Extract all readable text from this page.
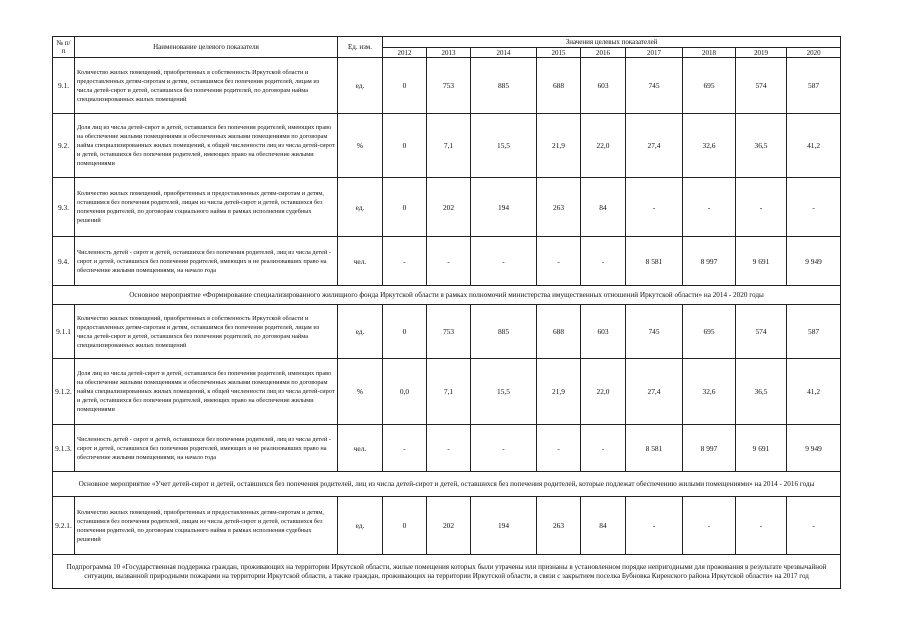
№ п/п	Наименование целевого показателя	Ед. изм.	Значения целевых показателей								
			2012	2013	2014	2015	2016	2017	2018	2019	2020
9.1.	Количество жилых помещений, приобретенных в собственность Иркутской области и предоставленных детям-сиротам и детям, оставшимся без попечения родителей, лицам из числа детей-сирот и детей, оставшихся без попечения родителей, по договорам найма специализированных жилых помещений	ед.	0	753	885	688	603	745	695	574	587
9.2.	Доля лиц из числа детей-сирот и детей, оставшихся без попечения родителей, имеющих право на обеспечение жилыми помещениями и обеспеченных жилыми помещениями по договорам найма специализированных жилых помещений, к общей численности лиц из числа детей-сирот и детей, оставшихся без попечения родителей, имеющих право на обеспечение жилыми помещениями	%	0	7,1	15,5	21,9	22,0	27,4	32,6	36,5	41,2
9.3.	Количество жилых помещений, приобретенных и предоставленных детям-сиротам и детям, оставшимся без попечения родителей, лицам из числа детей-сирот и детей, оставшихся без попечения родителей, по договорам социального найма в рамках исполнения судебных решений	ед.	0	202	194	263	84	-	-	-	-
9.4.	Численность детей - сирот и детей, оставшихся без попечения родителей, лиц из числа детей - сирот и детей, оставшихся без попечения родителей, имеющих и не реализовавших право на обеспечение жилыми помещениями, на начало года	чел.	-	-	-	-	-	8 581	8 997	9 691	9 949
Основное мероприятие «Формирование специализированного жилищного фонда Иркутской области в рамках полномочий министерства имущественных отношений Иркутской области» на 2014 - 2020 годы											
9.1.1	Количество жилых помещений, приобретенных в собственность Иркутской области и предоставленных детям-сиротам и детям, оставшимся без попечения родителей, лицам из числа детей-сирот и детей, оставшихся без попечения родителей, по договорам найма специализированных жилых помещений	ед.	0	753	885	688	603	745	695	574	587
9.1.2.	Доля лиц из числа детей-сирот и детей, оставшихся без попечения родителей, имеющих право на обеспечение жилыми помещениями и обеспеченных жилыми помещениями по договорам найма специализированных жилых помещений, к общей численности лиц из числа детей-сирот и детей, оставшихся без попечения родителей, имеющих право на обеспечение жилыми помещениями	%	0,0	7,1	15,5	21,9	22,0	27,4	32,6	36,5	41,2
9.1.3.	Численность детей - сирот и детей, оставшихся без попечения родителей, лиц из числа детей - сирот и детей, оставшихся без попечения родителей, имеющих и не реализовавших право на обеспечение жилыми помещениями, на начало года	чел.	-	-	-	-	-	8 581	8 997	9 691	9 949
Основное мероприятие «Учет детей-сирот и детей, оставшихся без попечения родителей, лиц из числа детей-сирот и детей, оставшихся без попечения родителей, которые подлежат обеспечению жилыми помещениями» на 2014 - 2016 годы											
9.2.1.	Количество жилых помещений, приобретенных и предоставленных детям-сиротам и детям, оставшимся без попечения родителей, лицам из числа детей-сирот и детей, оставшихся без попечения родителей, по договорам социального найма в рамках исполнения судебных решений	ед.	0	202	194	263	84	-	-	-	-
Подпрограмма 10 «Государственная поддержка граждан, проживающих на территории Иркутской области, жилые помещения которых были утрачены или признаны в установленном порядке непригодными для проживания в результате чрезвычайной ситуации, вызванной природными пожарами на территории Иркутской области, а также граждан, проживающих на территории Иркутской области, в связи с закрытием поселка Бубновка Киренского района Иркутской области» на 2017 год											
